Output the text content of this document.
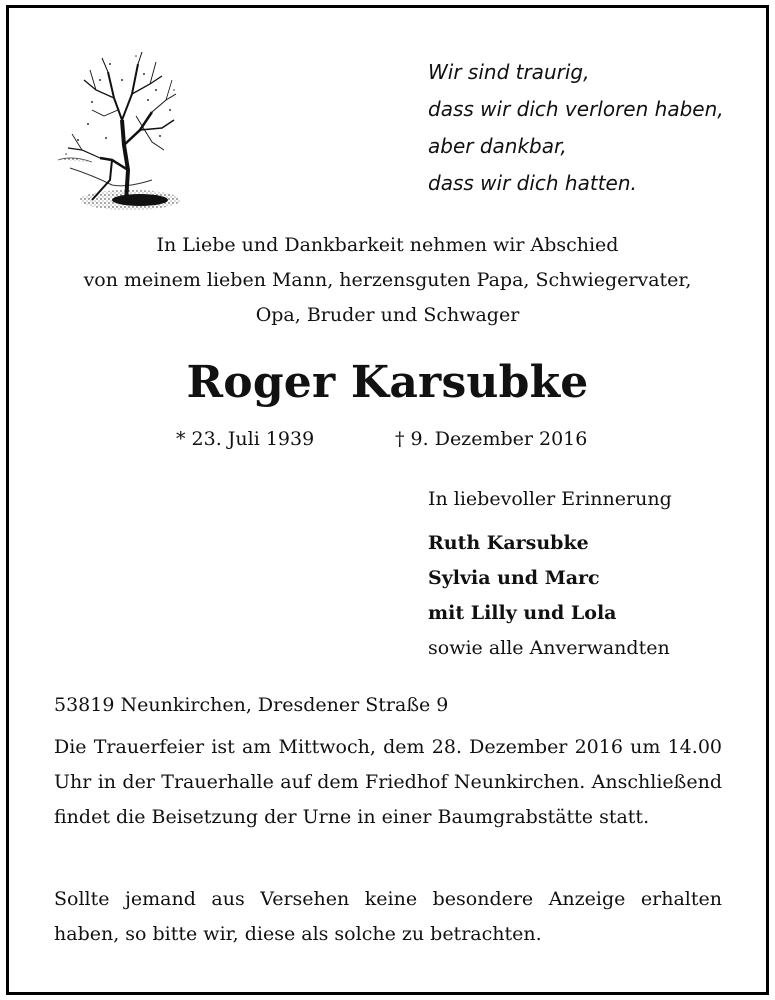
Wir sind traurig,
dass wir dich verloren haben,
aber dankbar,
dass wir dich hatten.
In Liebe und Dankbarkeit nehmen wir Abschied
von meinem lieben Mann, herzensguten Papa, Schwiegervater,
Opa, Bruder und Schwager
Roger Karsubke
* 23. Juli 1939	† 9. Dezember 2016
In liebevoller Erinnerung
Ruth Karsubke
Sylvia und Marc
mit Lilly und Lola
sowie alle Anverwandten
53819 Neunkirchen, Dresdener Straße 9
Die Trauerfeier ist am Mittwoch, dem 28. Dezember 2016 um 14.00 Uhr in der Trauerhalle auf dem Friedhof Neunkirchen. Anschließend findet die Beisetzung der Urne in einer Baumgrabstätte statt.
Sollte jemand aus Versehen keine besondere Anzeige erhalten haben, so bitte wir, diese als solche zu betrachten.
